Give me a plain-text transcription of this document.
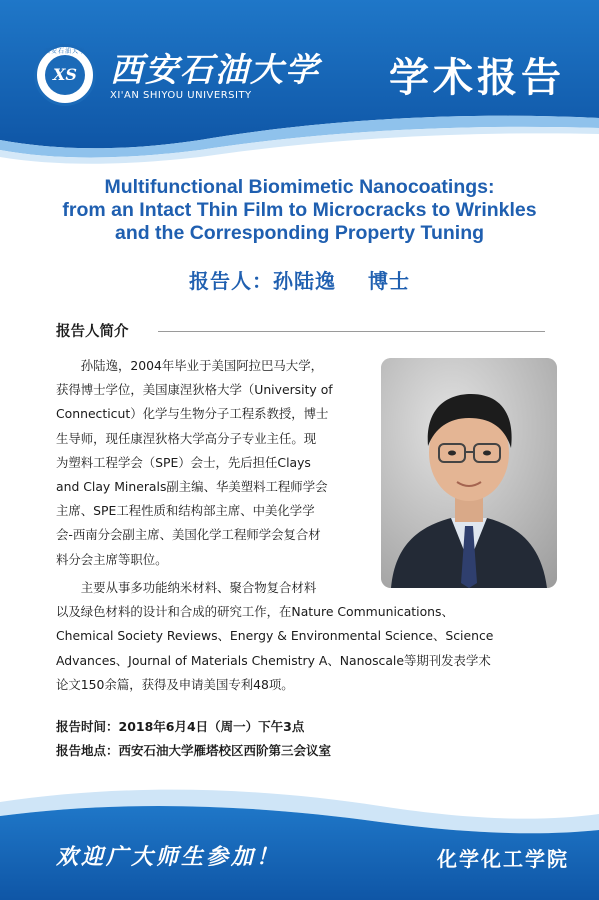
西安石油大學
XS 西安石油大学
XI'AN SHIYOU UNIVERSITY	学术报告
Multifunctional Biomimetic Nanocoatings:
from an Intact Thin Film to Microcracks to Wrinkles
and the Corresponding Property Tuning
报告人：孙陆逸 博士
报告人简介
孙陆逸，2004年毕业于美国阿拉巴马大学，
获得博士学位，美国康涅狄格大学（University of
Connecticut）化学与生物分子工程系教授，博士
生导师，现任康涅狄格大学高分子专业主任。现
为塑料工程学会（SPE）会士，先后担任Clays
and Clay Minerals副主编、华美塑料工程师学会
主席、SPE工程性质和结构部主席、中美化学学
会-西南分会副主席、美国化学工程师学会复合材
料分会主席等职位。
主要从事多功能纳米材料、聚合物复合材料
以及绿色材料的设计和合成的研究工作，在Nature Communications、
Chemical Society Reviews、Energy & Environmental Science、Science
Advances、Journal of Materials Chemistry A、Nanoscale等期刊发表学术
论文150余篇，获得及申请美国专利48项。
报告时间：2018年6月4日（周一）下午3点
报告地点：西安石油大学雁塔校区西阶第三会议室
欢迎广大师生参加！	化学化工学院
